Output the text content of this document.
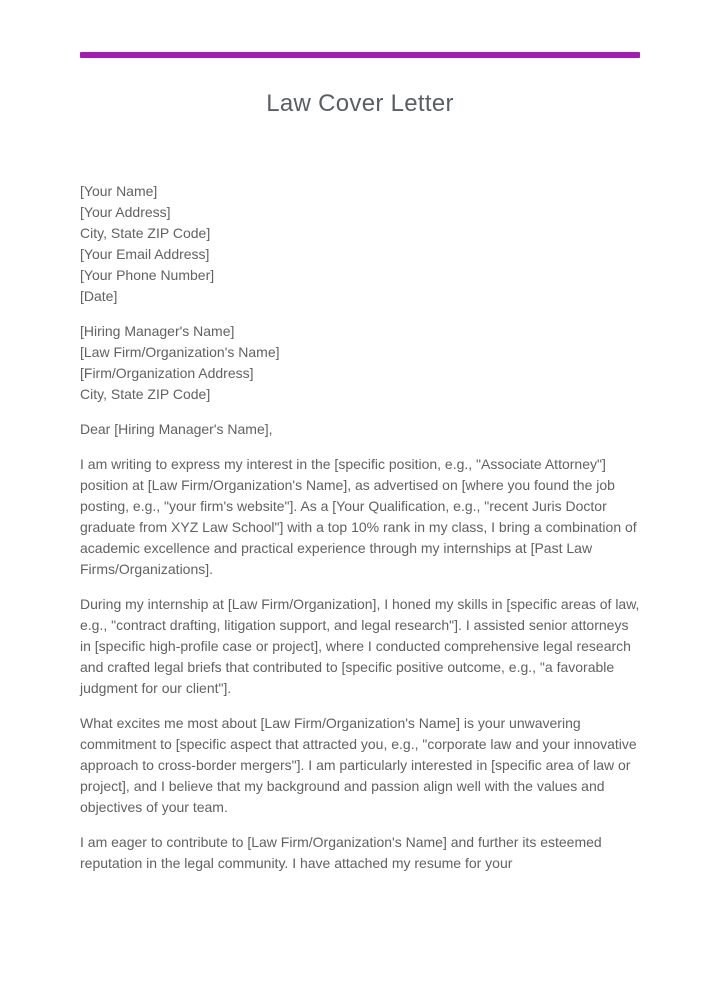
Law Cover Letter
[Your Name]
[Your Address]
City, State ZIP Code]
[Your Email Address]
[Your Phone Number]
[Date]
[Hiring Manager's Name]
[Law Firm/Organization's Name]
[Firm/Organization Address]
City, State ZIP Code]
Dear [Hiring Manager's Name],

I am writing to express my interest in the [specific position, e.g., "Associate Attorney"] position at [Law Firm/Organization's Name], as advertised on [where you found the job posting, e.g., "your firm's website"]. As a [Your Qualification, e.g., "recent Juris Doctor graduate from XYZ Law School"] with a top 10% rank in my class, I bring a combination of academic excellence and practical experience through my internships at [Past Law Firms/Organizations].

During my internship at [Law Firm/Organization], I honed my skills in [specific areas of law, e.g., "contract drafting, litigation support, and legal research"]. I assisted senior attorneys in [specific high-profile case or project], where I conducted comprehensive legal research and crafted legal briefs that contributed to [specific positive outcome, e.g., "a favorable judgment for our client"].

What excites me most about [Law Firm/Organization's Name] is your unwavering commitment to [specific aspect that attracted you, e.g., "corporate law and your innovative approach to cross-border mergers"]. I am particularly interested in [specific area of law or project], and I believe that my background and passion align well with the values and objectives of your team.

I am eager to contribute to [Law Firm/Organization's Name] and further its esteemed reputation in the legal community. I have attached my resume for your
